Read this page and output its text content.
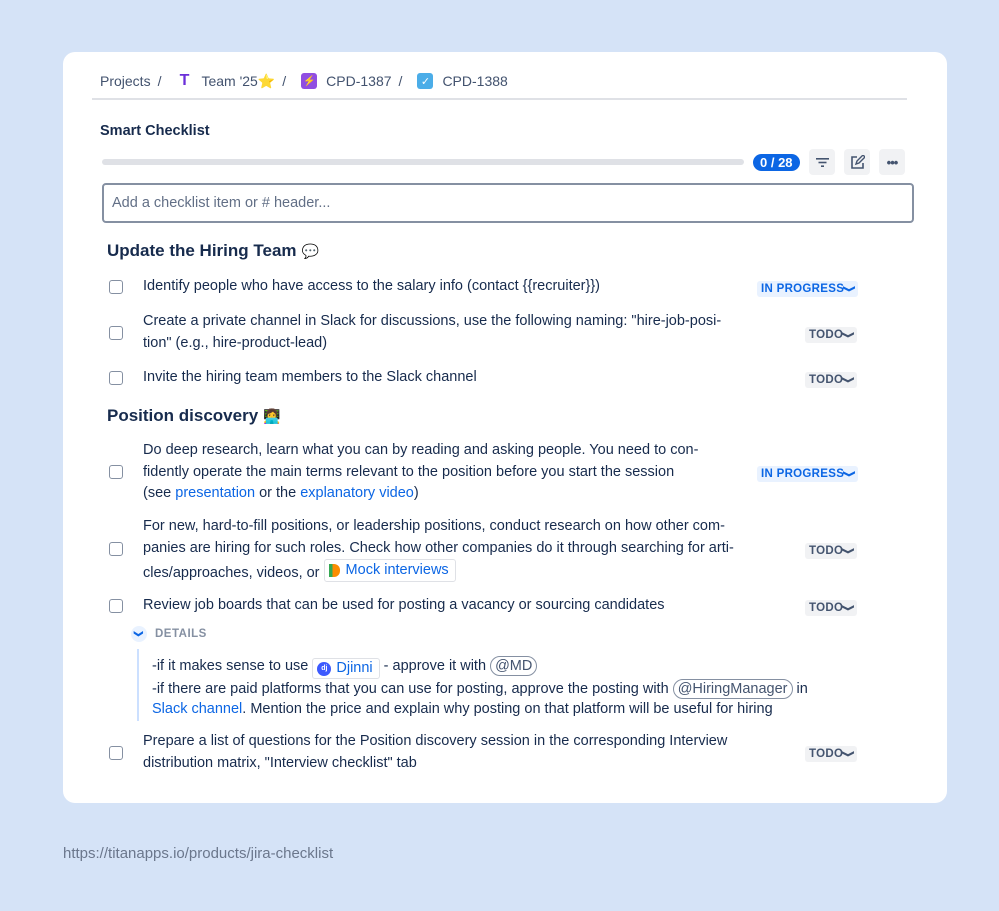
Projects / T Team '25⭐ / ⚡ CPD-1387 /	✓ CPD-1388
Smart Checklist
0 / 28	•••
Add a checklist item or # header...
Update the Hiring Team 💬
Identify people who have access to the salary info (contact {{recruiter}})	IN PROGRESS❯
Create a private channel in Slack for discussions, use the following naming: "hire-job-posi-
tion" (e.g., hire-product-lead)	TODO❯
Invite the hiring team members to the Slack channel	TODO❯
Position discovery 👩‍💻
Do deep research, learn what you can by reading and asking people. You need to con-
fidently operate the main terms relevant to the position before you start the session
(see presentation or the explanatory video)
IN PROGRESS❯
For new, hard-to-fill positions, or leadership positions, conduct research on how other com-
panies are hiring for such roles. Check how other companies do it through searching for arti-
cles/approaches, videos, or Mock interviews
TODO❯
Review job boards that can be used for posting a vacancy or sourcing candidates	TODO❯
❯ DETAILS
-if it makes sense to use	dj Djinni - approve it with @MD
-if there are paid platforms that you can use for posting, approve the posting with @HiringManager in
Slack channel. Mention the price and explain why posting on that platform will be useful for hiring
Prepare a list of questions for the Position discovery session in the corresponding Interview
distribution matrix, "Interview checklist" tab
TODO❯
https://titanapps.io/products/jira-checklist
